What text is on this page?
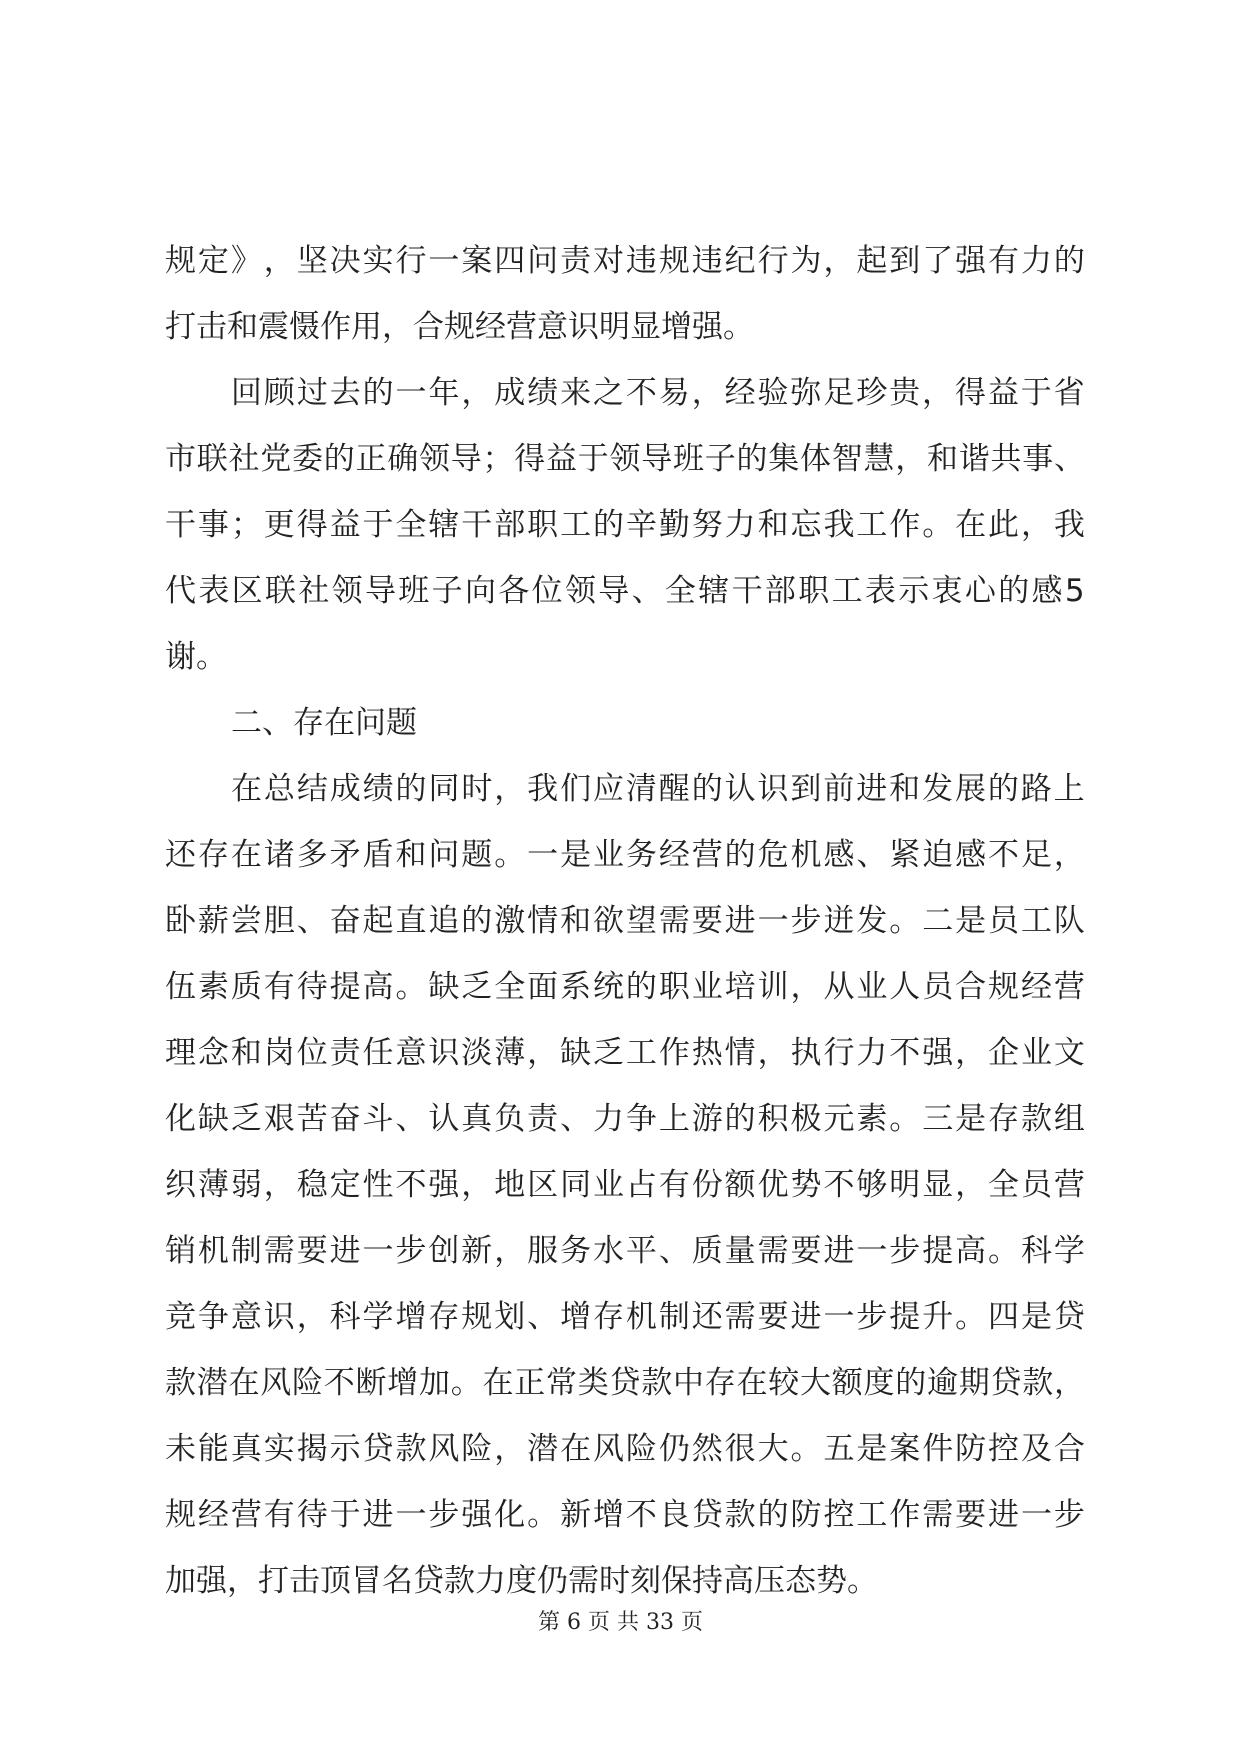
规 定 》 ， 坚 决 实 行 一 案 四 问 责 对 违 规 违 纪 行 为 ， 起 到 了 强 有 力 的
打击和震慑作用，合规经营意识明显增强。
回 顾 过 去 的 一 年 ， 成 绩 来 之 不 易 ， 经 验 弥 足 珍 贵 ， 得 益 于 省
市 联 社 党 委 的 正 确 领 导 ； 得 益 于 领 导 班 子 的 集 体 智 慧 ， 和 谐 共 事 、
干 事 ； 更 得 益 于 全 辖 干 部 职 工 的 辛 勤 努 力 和 忘 我 工 作 。 在 此 ， 我
代 表 区 联 社 领 导 班 子 向 各 位 领 导 、 全 辖 干 部 职 工 表 示 衷 心 的 感 5
谢。
二、存在问题
在 总 结 成 绩 的 同 时 ， 我 们 应 清 醒 的 认 识 到 前 进 和 发 展 的 路 上
还 存 在 诸 多 矛 盾 和 问 题 。 一 是 业 务 经 营 的 危 机 感 、 紧 迫 感 不 足 ，
卧 薪 尝 胆 、 奋 起 直 追 的 激 情 和 欲 望 需 要 进 一 步 迸 发 。 二 是 员 工 队
伍 素 质 有 待 提 高 。 缺 乏 全 面 系 统 的 职 业 培 训 ， 从 业 人 员 合 规 经 营
理 念 和 岗 位 责 任 意 识 淡 薄 ， 缺 乏 工 作 热 情 ， 执 行 力 不 强 ， 企 业 文
化 缺 乏 艰 苦 奋 斗 、 认 真 负 责 、 力 争 上 游 的 积 极 元 素 。 三 是 存 款 组
织 薄 弱 ， 稳 定 性 不 强 ， 地 区 同 业 占 有 份 额 优 势 不 够 明 显 ， 全 员 营
销 机 制 需 要 进 一 步 创 新 ， 服 务 水 平 、 质 量 需 要 进 一 步 提 高 。 科 学
竞 争 意 识 ， 科 学 增 存 规 划 、 增 存 机 制 还 需 要 进 一 步 提 升 。 四 是 贷
款 潜 在 风 险 不 断 增 加 。 在 正 常 类 贷 款 中 存 在 较 大 额 度 的 逾 期 贷 款 ，
未 能 真 实 揭 示 贷 款 风 险 ， 潜 在 风 险 仍 然 很 大 。 五 是 案 件 防 控 及 合
规 经 营 有 待 于 进 一 步 强 化 。 新 增 不 良 贷 款 的 防 控 工 作 需 要 进 一 步
加强，打击顶冒名贷款力度仍需时刻保持高压态势。
第 6 页 共 33 页
